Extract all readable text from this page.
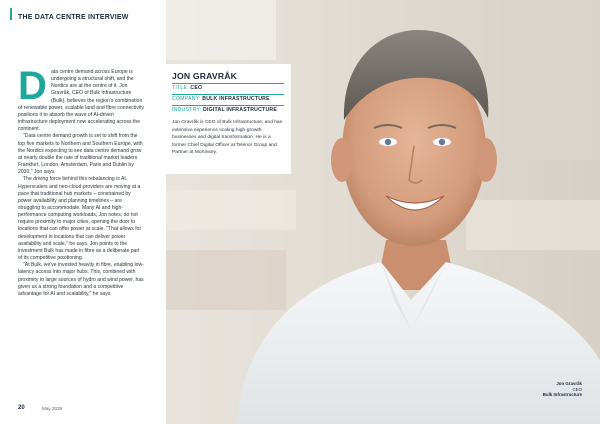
THE DATA CENTRE INTERVIEW
D ata centre demand across Europe is undergoing a structural shift, and the Nordics are at the centre of it. Jon Gravråk, CEO of Bulk Infrastructure (Bulk), believes the region's combination of renewable power, scalable land and fibre connectivity positions it to absorb the wave of AI-driven infrastructure deployment now accelerating across the continent.

"Data centre demand growth is set to shift from the top five markets to Northern and Southern Europe, with the Nordics expecting to see data centre demand grow at nearly double the rate of traditional market leaders Frankfurt, London, Amsterdam, Paris and Dublin by 2030," Jon says.

The driving force behind this rebalancing is AI. Hyperscalers and neo-cloud providers are moving at a pace that traditional hub markets – constrained by power availability and planning timelines – are struggling to accommodate. Many AI and high-performance computing workloads, Jon notes, do not require proximity to major cities, opening the door to locations that can offer power at scale. "That allows for development in locations that can deliver power availability and scale," he says. Jon points to the investment Bulk has made in fibre as a deliberate part of its competitive positioning.

"At Bulk, we've invested heavily in fibre, enabling low-latency access into major hubs. This, combined with proximity to large sources of hydro and wind power, has given us a strong foundation and a competitive advantage for AI and scalability," he says.

20	May 2026
JON GRAVRÅK
TITLE: CEO
COMPANY: BULK INFRASTRUCTURE
INDUSTRY: DIGITAL INFRASTRUCTURE
Jon Gravråk is CEO of Bulk Infrastructure, and has extensive experience scaling high-growth businesses and digital transformation. He is a former Chief Digital Officer at Telenor Group and Partner at McKinsey.
Jon Gravråk
CEO
Bulk Infrastructure
